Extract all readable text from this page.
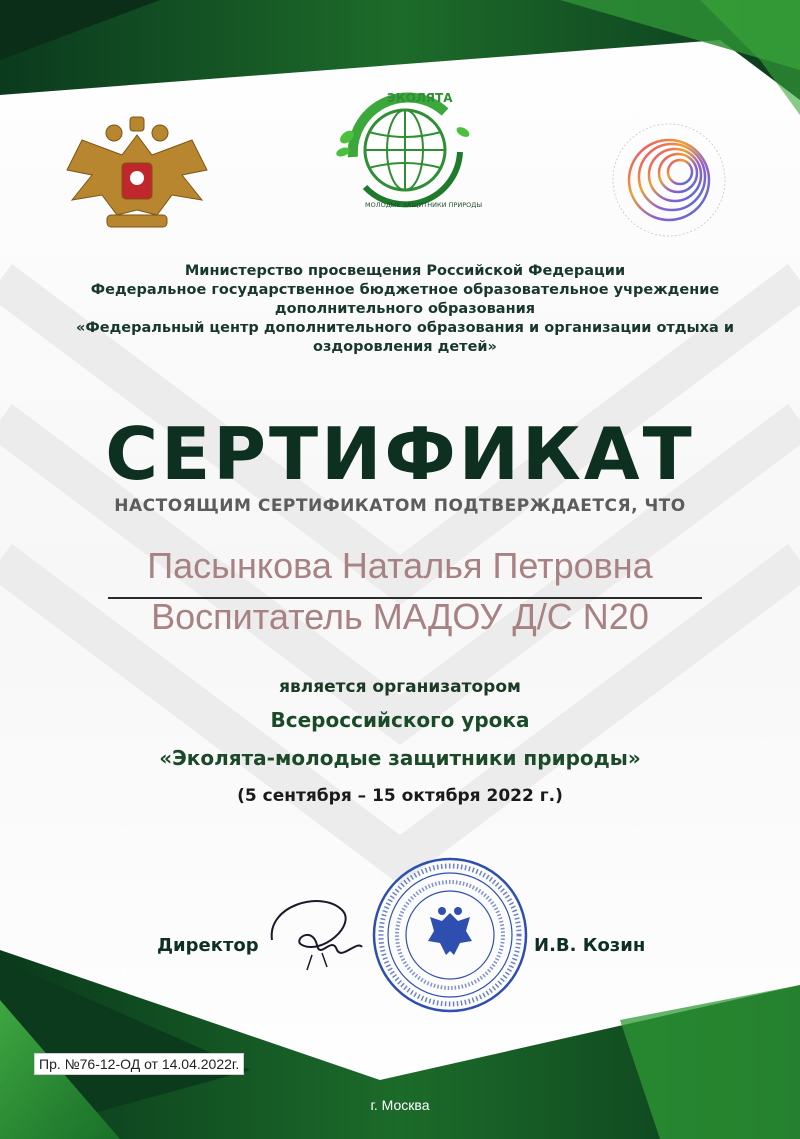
ЭКОЛЯТА
МОЛОДЫЕ ЗАЩИТНИКИ ПРИРОДЫ
Министерство просвещения Российской Федерации
Федеральное государственное бюджетное образовательное учреждение
дополнительного образования
«Федеральный центр дополнительного образования и организации отдыха и
оздоровления детей»
СЕРТИФИКАТ
НАСТОЯЩИМ СЕРТИФИКАТОМ ПОДТВЕРЖДАЕТСЯ, ЧТО
Пасынкова Наталья Петровна
Воспитатель МАДОУ Д/С N20
является организатором
Всероссийского урока
«Эколята-молодые защитники природы»
(5 сентября – 15 октября 2022 г.)
Директор	И.В. Козин
Пр. №76-12-ОД от 14.04.2022г.
г. Москва
